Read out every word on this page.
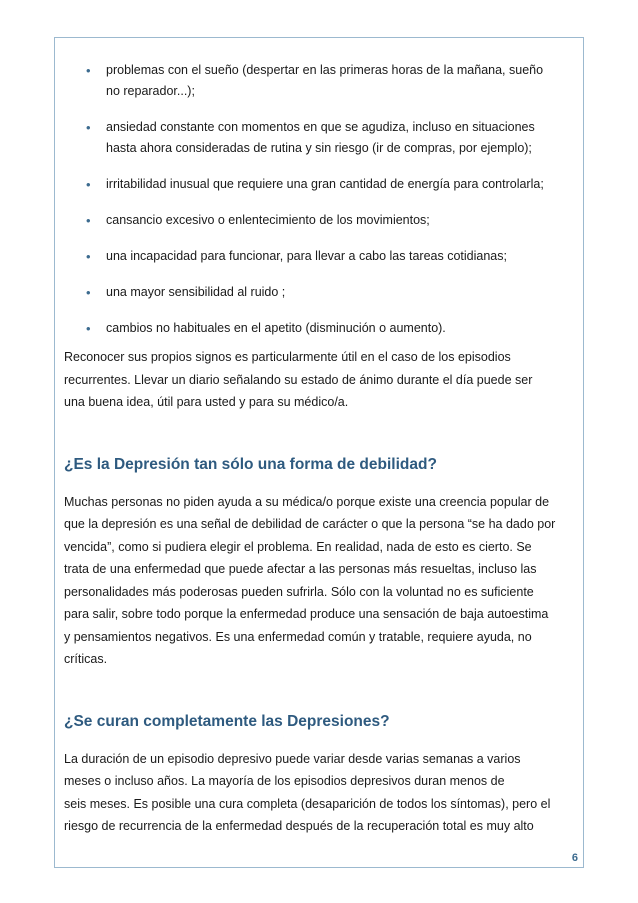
• problemas con el sueño (despertar en las primeras horas de la mañana, sueño
no reparador...);
• ansiedad constante con momentos en que se agudiza, incluso en situaciones
hasta ahora consideradas de rutina y sin riesgo (ir de compras, por ejemplo);
• irritabilidad inusual que requiere una gran cantidad de energía para controlarla;
• cansancio excesivo o enlentecimiento de los movimientos;
• una incapacidad para funcionar, para llevar a cabo las tareas cotidianas;
• una mayor sensibilidad al ruido ;
• cambios no habituales en el apetito (disminución o aumento).

Reconocer sus propios signos es particularmente útil en el caso de los episodios
recurrentes. Llevar un diario señalando su estado de ánimo durante el día puede ser
una buena idea, útil para usted y para su médico/a.

¿Es la Depresión tan sólo una forma de debilidad?

Muchas personas no piden ayuda a su médica/o porque existe una creencia popular de
que la depresión es una señal de debilidad de carácter o que la persona “se ha dado por
vencida”, como si pudiera elegir el problema. En realidad, nada de esto es cierto. Se
trata de una enfermedad que puede afectar a las personas más resueltas, incluso las
personalidades más poderosas pueden sufrirla. Sólo con la voluntad no es suficiente
para salir, sobre todo porque la enfermedad produce una sensación de baja autoestima
y pensamientos negativos. Es una enfermedad común y tratable, requiere ayuda, no
críticas.

¿Se curan completamente las Depresiones?

La duración de un episodio depresivo puede variar desde varias semanas a varios
meses o incluso años. La mayoría de los episodios depresivos duran menos de
seis meses. Es posible una cura completa (desaparición de todos los síntomas), pero el
riesgo de recurrencia de la enfermedad después de la recuperación total es muy alto

6
